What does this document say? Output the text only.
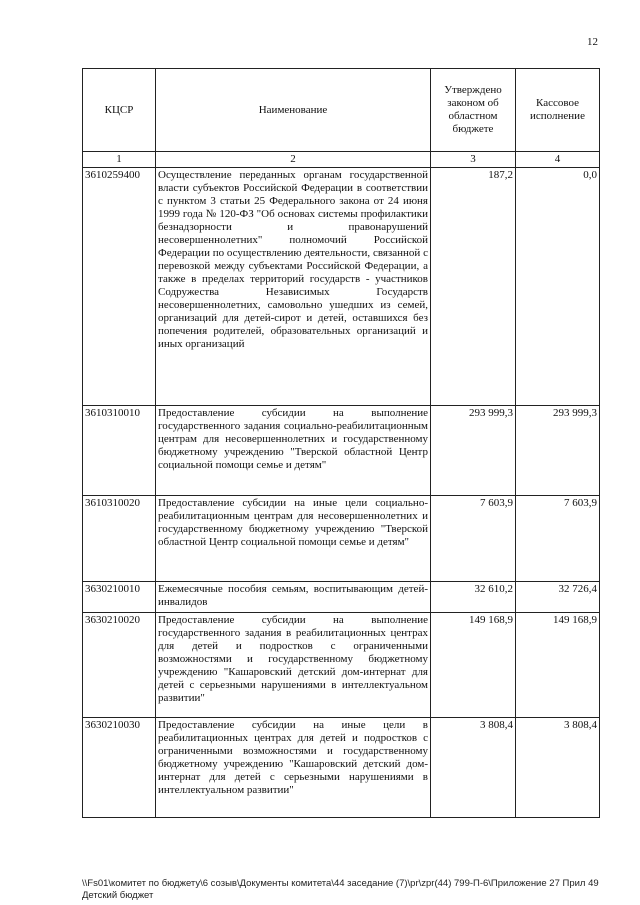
12
КЦСР	Наименование	Утверждено законом об областном бюджете	Кассовое исполнение
1	2	3	4
3610259400	Осуществление переданных органам государственной власти субъектов Российской Федерации в соответствии с пунктом 3 статьи 25 Федерального закона от 24 июня 1999 года № 120-ФЗ "Об основах системы профилактики безнадзорности и правонарушений несовершеннолетних" полномочий Российской Федерации по осуществлению деятельности, связанной с перевозкой между субъектами Российской Федерации, а также в пределах территорий государств - участников Содружества Независимых Государств несовершеннолетних, самовольно ушедших из семей, организаций для детей-сирот и детей, оставшихся без попечения родителей, образовательных организаций и иных организаций	187,2	0,0
3610310010	Предоставление субсидии на выполнение государственного задания социально-реабилитационным центрам для несовершеннолетних и государственному бюджетному учреждению "Тверской областной Центр социальной помощи семье и детям"	293 999,3	293 999,3
3610310020	Предоставление субсидии на иные цели социально-реабилитационным центрам для несовершеннолетних и государственному бюджетному учреждению "Тверской областной Центр социальной помощи семье и детям"	7 603,9	7 603,9
3630210010	Ежемесячные пособия семьям, воспитывающим детей-инвалидов	32 610,2	32 726,4
3630210020	Предоставление субсидии на выполнение государственного задания в реабилитационных центрах для детей и подростков с ограниченными возможностями и государственному бюджетному учреждению "Кашаровский детский дом-интернат для детей с серьезными нарушениями в интеллектуальном развитии"	149 168,9	149 168,9
3630210030	Предоставление субсидии на иные цели в реабилитационных центрах для детей и подростков с ограниченными возможностями и государственному бюджетному учреждению "Кашаровский детский дом-интернат для детей с серьезными нарушениями в интеллектуальном развитии"	3 808,4	3 808,4
\\Fs01\комитет по бюджету\6 созыв\Документы комитета\44 заседание (7)\pr\zpr(44) 799-П-6\Приложение 27 Прил 49 Детский бюджет
